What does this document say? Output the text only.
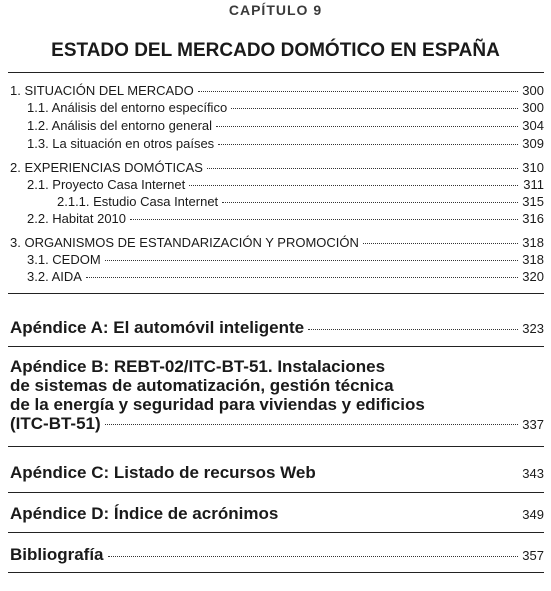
CAPÍTULO 9
ESTADO DEL MERCADO DOMÓTICO EN ESPAÑA
1. SITUACIÓN DEL MERCADO	300
1.1. Análisis del entorno específico	300
1.2. Análisis del entorno general	304
1.3. La situación en otros países	309
2. EXPERIENCIAS DOMÓTICAS	310
2.1. Proyecto Casa Internet	311
2.1.1. Estudio Casa Internet	315
2.2. Habitat 2010	316
3. ORGANISMOS DE ESTANDARIZACIÓN Y PROMOCIÓN	318
3.1. CEDOM	318
3.2. AIDA	320
Apéndice A: El automóvil inteligente	323
Apéndice B: REBT-02/ITC-BT-51. Instalaciones
de sistemas de automatización, gestión técnica
de la energía y seguridad para viviendas y edificios
(ITC-BT-51)	337
Apéndice C: Listado de recursos Web	343
Apéndice D: Índice de acrónimos	349
Bibliografía	357
